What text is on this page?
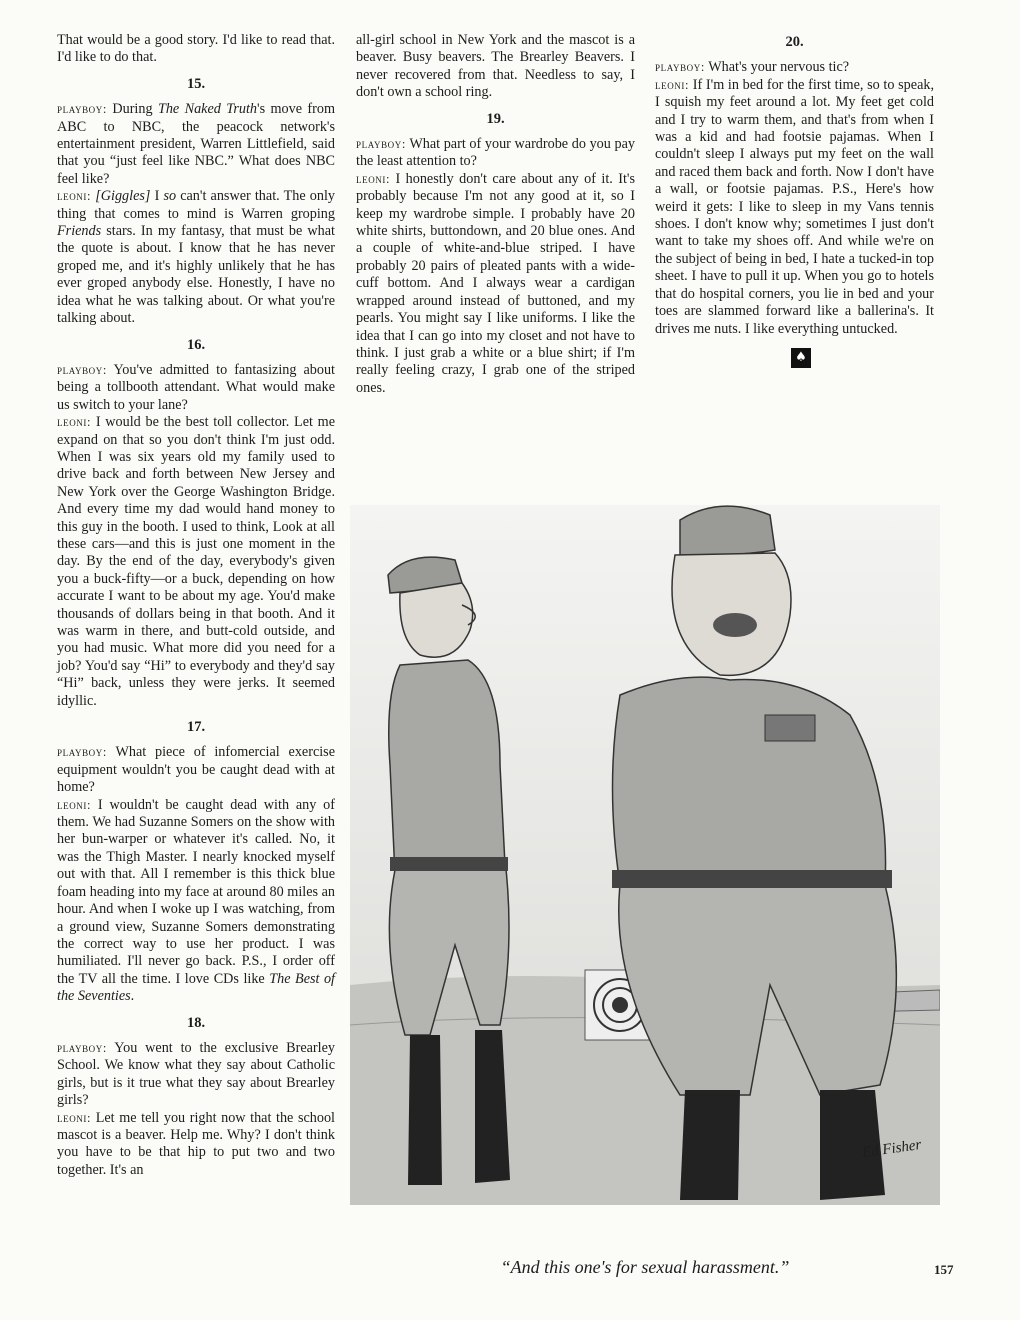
That would be a good story. I'd like to read that. I'd like to do that.

15.

playboy: During The Naked Truth's move from ABC to NBC, the peacock network's entertainment president, Warren Littlefield, said that you “just feel like NBC.” What does NBC feel like?

leoni: [Giggles] I so can't answer that. The only thing that comes to mind is Warren groping Friends stars. In my fantasy, that must be what the quote is about. I know that he has never groped me, and it's highly unlikely that he has ever groped anybody else. Honestly, I have no idea what he was talking about. Or what you're talking about.

16.

playboy: You've admitted to fantasizing about being a tollbooth attendant. What would make us switch to your lane?

leoni: I would be the best toll collector. Let me expand on that so you don't think I'm just odd. When I was six years old my family used to drive back and forth between New Jersey and New York over the George Washington Bridge. And every time my dad would hand money to this guy in the booth. I used to think, Look at all these cars—and this is just one moment in the day. By the end of the day, everybody's given you a buck-fifty—or a buck, depending on how accurate I want to be about my age. You'd make thousands of dollars being in that booth. And it was warm in there, and butt-cold outside, and you had music. What more did you need for a job? You'd say “Hi” to everybody and they'd say “Hi” back, unless they were jerks. It seemed idyllic.

17.

playboy: What piece of infomercial exercise equipment wouldn't you be caught dead with at home?

leoni: I wouldn't be caught dead with any of them. We had Suzanne Somers on the show with her bun-warper or whatever it's called. No, it was the Thigh Master. I nearly knocked myself out with that. All I remember is this thick blue foam heading into my face at around 80 miles an hour. And when I woke up I was watching, from a ground view, Suzanne Somers demonstrating the correct way to use her product. I was humiliated. I'll never go back. P.S., I order off the TV all the time. I love CDs like The Best of the Seventies.

18.

playboy: You went to the exclusive Brearley School. We know what they say about Catholic girls, but is it true what they say about Brearley girls?

leoni: Let me tell you right now that the school mascot is a beaver. Help me. Why? I don't think you have to be that hip to put two and two together. It's an

all-girl school in New York and the mascot is a beaver. Busy beavers. The Brearley Beavers. I never recovered from that. Needless to say, I don't own a school ring.

19.

playboy: What part of your wardrobe do you pay the least attention to?

leoni: I honestly don't care about any of it. It's probably because I'm not any good at it, so I keep my wardrobe simple. I probably have 20 white shirts, buttondown, and 20 blue ones. And a couple of white-and-blue striped. I have probably 20 pairs of pleated pants with a wide-cuff bottom. And I always wear a cardigan wrapped around instead of buttoned, and my pearls. You might say I like uniforms. I like the idea that I can go into my closet and not have to think. I just grab a white or a blue shirt; if I'm really feeling crazy, I grab one of the striped ones.

20.

playboy: What's your nervous tic?

leoni: If I'm in bed for the first time, so to speak, I squish my feet around a lot. My feet get cold and I try to warm them, and that's from when I was a kid and had footsie pajamas. When I couldn't sleep I always put my feet on the wall and raced them back and forth. Now I don't have a wall, or footsie pajamas. P.S., Here's how weird it gets: I like to sleep in my Vans tennis shoes. I don't know why; sometimes I just don't want to take my shoes off. And while we're on the subject of being in bed, I hate a tucked-in top sheet. I have to pull it up. When you go to hotels that do hospital corners, you lie in bed and your toes are slammed forward like a ballerina's. It drives me nuts. I like everything untucked.

♠
Ed Fisher
“And this one's for sexual harassment.”	157
